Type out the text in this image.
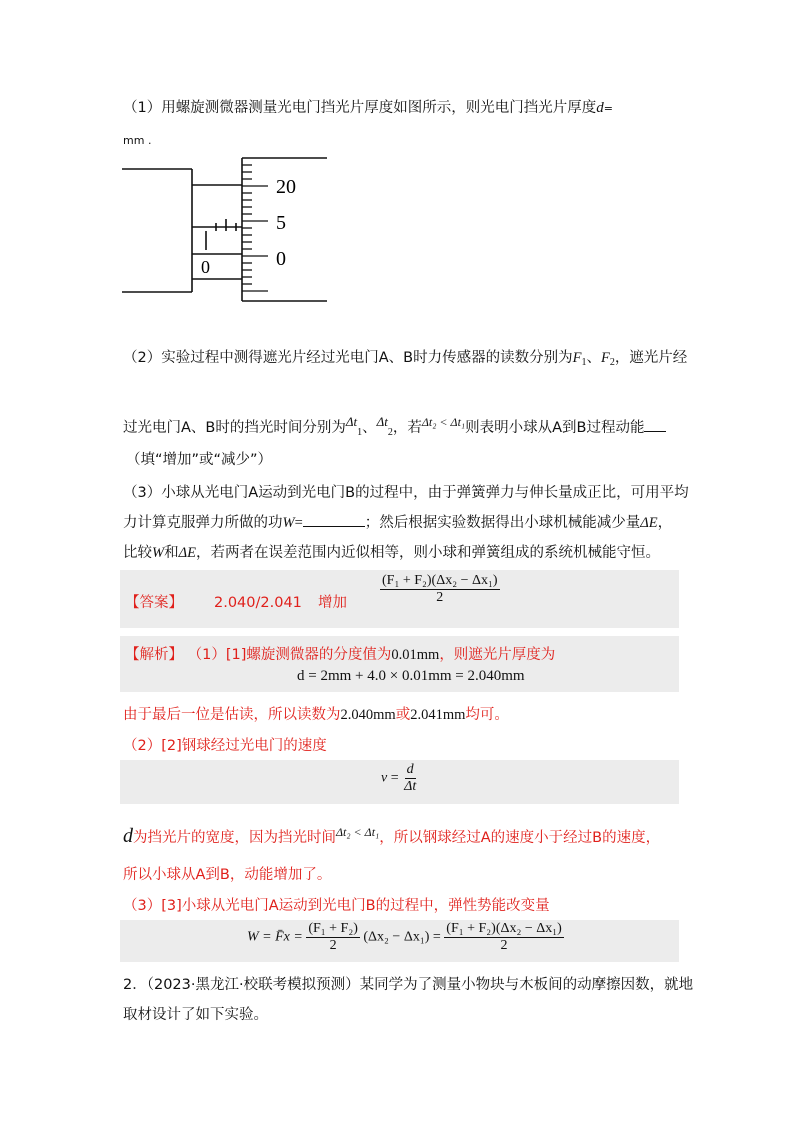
（1）用螺旋测微器测量光电门挡光片厚度如图所示，则光电门挡光片厚度d=
mm .
20
5
0
0
（2）实验过程中测得遮光片经过光电门A、B时力传感器的读数分别为$F_1$、$F_2$，遮光片经
过光电门A、B时的挡光时间分别为$\Delta t_1$、$\Delta t_2$，若$^{\Delta t_2 < \Delta t_1}$则表明小球从A到B过程动能
（填“增加”或“减少”）
（3）小球从光电门A运动到光电门B的过程中，由于弹簧弹力与伸长量成正比，可用平均
力计算克服弹力所做的功W=	；然后根据实验数据得出小球机械能减少量ΔE，
比较W和ΔE，若两者在误差范围内近似相等，则小球和弹簧组成的系统机械能守恒。
【答案】 2.040/2.041 增加 $\frac{\text{(F₁ + F₂)(Δx₂ − Δx₁)}}{2}$
【解析】 （1）[1]螺旋测微器的分度值为0.01mm，则遮光片厚度为
d = 2mm + 4.0 × 0.01mm = 2.040mm
由于最后一位是估读，所以读数为2.040mm或2.041mm均可。
（2）[2]钢球经过光电门的速度
$v = \frac{d}{\Delta t}$
d为挡光片的宽度，因为挡光时间$^{\Delta t_2 < \Delta t_1}$，所以钢球经过A的速度小于经过B的速度，
所以小球从A到B，动能增加了。
（3）[3]小球从光电门A运动到光电门B的过程中，弹性势能改变量
W = F̄x = $\frac{\text{(F₁ + F₂)}}{2} (\Delta x_2 - \Delta x_1) = \frac{\text{(F₁ + F₂)(Δx₂ − Δx₁)}}{2}$
2．（2023·黑龙江·校联考模拟预测）某同学为了测量小物块与木板间的动摩擦因数，就地
取材设计了如下实验。
